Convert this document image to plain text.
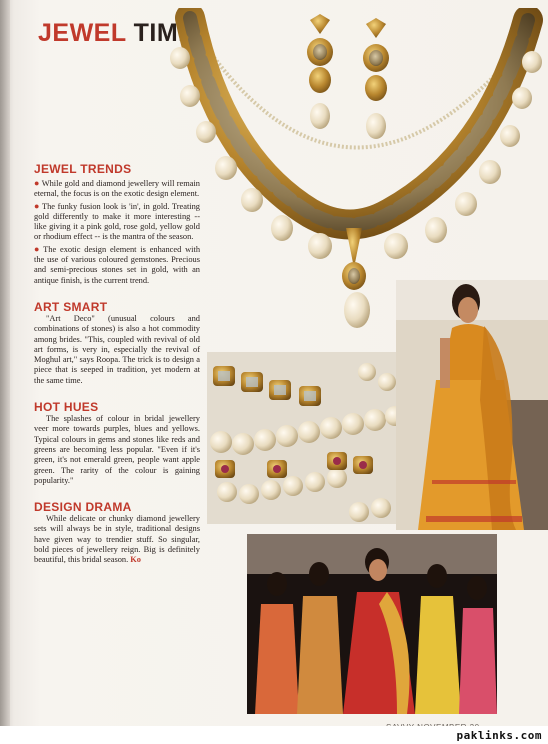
JEWEL TIME
JEWEL TRENDS

● While gold and diamond jewellery will remain eternal, the focus is on the exotic design element.

● The funky fusion look is 'in', in gold. Treating gold differently to make it more interesting -- like giving it a pink gold, rose gold, yellow gold or rhodium effect -- is the mantra of the season.

● The exotic design element is enhanced with the use of various coloured gemstones. Precious and semi-precious stones set in gold, with an antique finish, is the current trend.

ART SMART

"Art Deco" (unusual colours and combinations of stones) is also a hot commodity among brides. "This, coupled with revival of old art forms, is very in, especially the revival of Moghul art," says Roopa. The trick is to design a piece that is seeped in tradition, yet modern at the same time.

HOT HUES

The splashes of colour in bridal jewellery veer more towards purples, blues and yellows. Typical colours in gems and stones like reds and greens are becoming less popular. "Even if it's green, it's not emerald green, people want apple green. The rarity of the colour is gaining popularity."

DESIGN DRAMA

While delicate or chunky diamond jewellery sets will always be in style, traditional designs have given way to trendier stuff. So singular, bold pieces of jewellery reign. Big is definitely beautiful, this bridal season. Ko

paklinks.com
